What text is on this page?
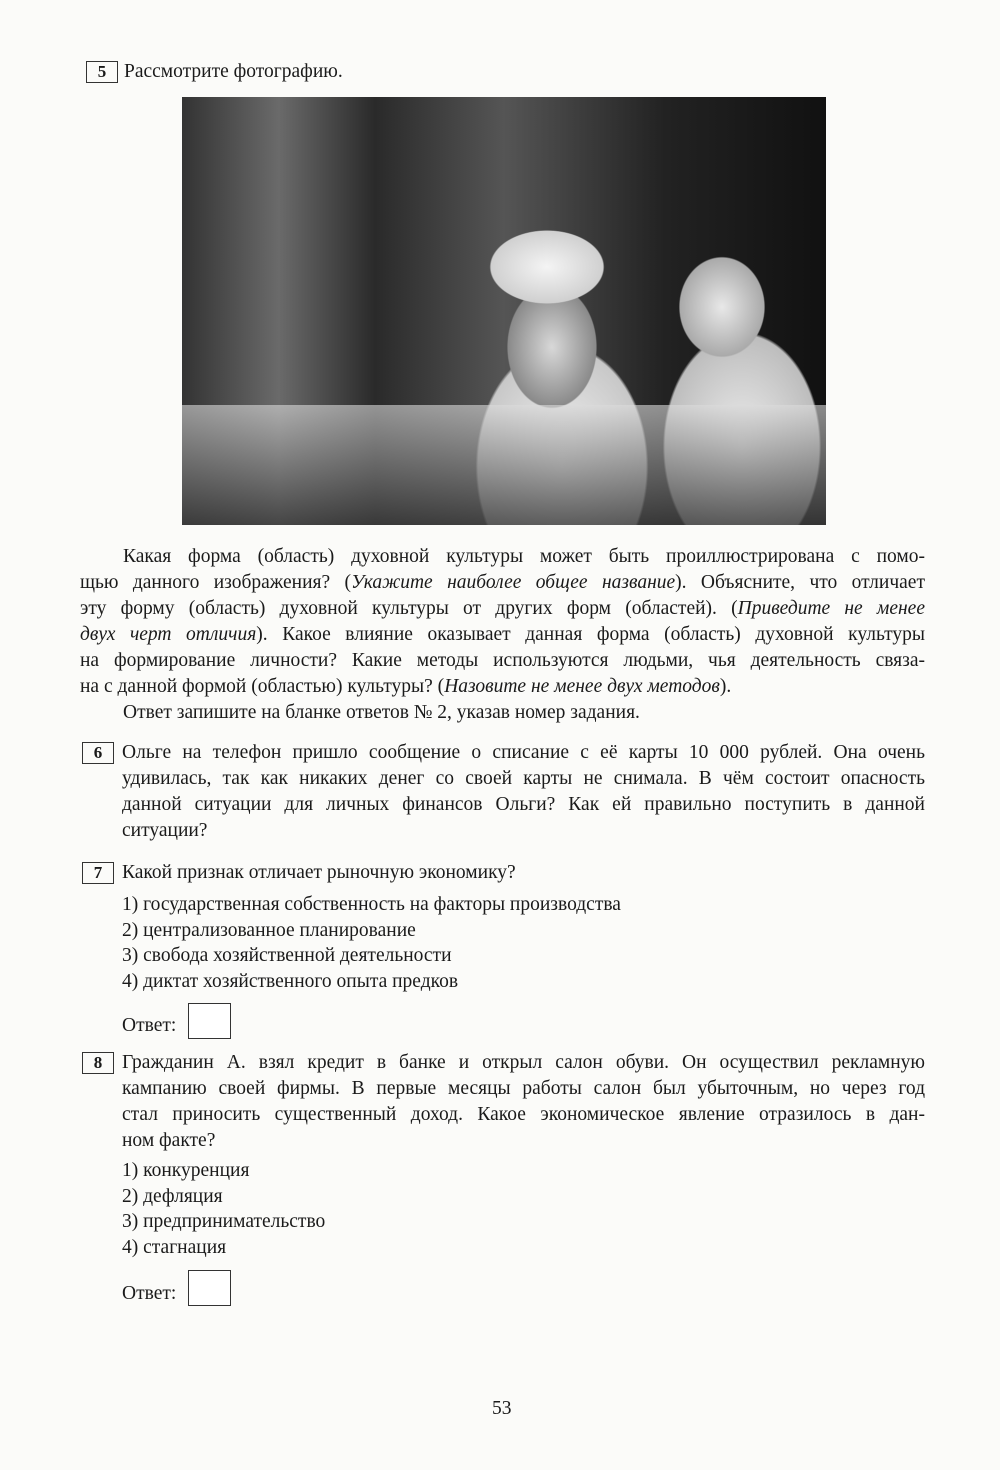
5 Рассмотрите фотографию.
Какая форма (область) духовной культуры может быть проиллюстрирована с помо-
щью данного изображения? (Укажите наиболее общее название). Объясните, что отличает
эту форму (область) духовной культуры от других форм (областей). (Приведите не менее
двух черт отличия). Какое влияние оказывает данная форма (область) духовной культуры
на формирование личности? Какие методы используются людьми, чья деятельность связа-
на с данной формой (областью) культуры? (Назовите не менее двух методов).
Ответ запишите на бланке ответов № 2, указав номер задания.
6	Ольге на телефон пришло сообщение о списание с её карты 10 000 рублей. Она очень
удивилась, так как никаких денег со своей карты не снимала. В чём состоит опасность
данной ситуации для личных финансов Ольги? Как ей правильно поступить в данной
ситуации?
7	Какой признак отличает рыночную экономику?
1) государственная собственность на факторы производства
2) централизованное планирование
3) свобода хозяйственной деятельности
4) диктат хозяйственного опыта предков
Ответ:
8	Гражданин А. взял кредит в банке и открыл салон обуви. Он осуществил рекламную
кампанию своей фирмы. В первые месяцы работы салон был убыточным, но через год
стал приносить существенный доход. Какое экономическое явление отразилось в дан-
ном факте?
1) конкуренция
2) дефляция
3) предпринимательство
4) стагнация
Ответ:
53
